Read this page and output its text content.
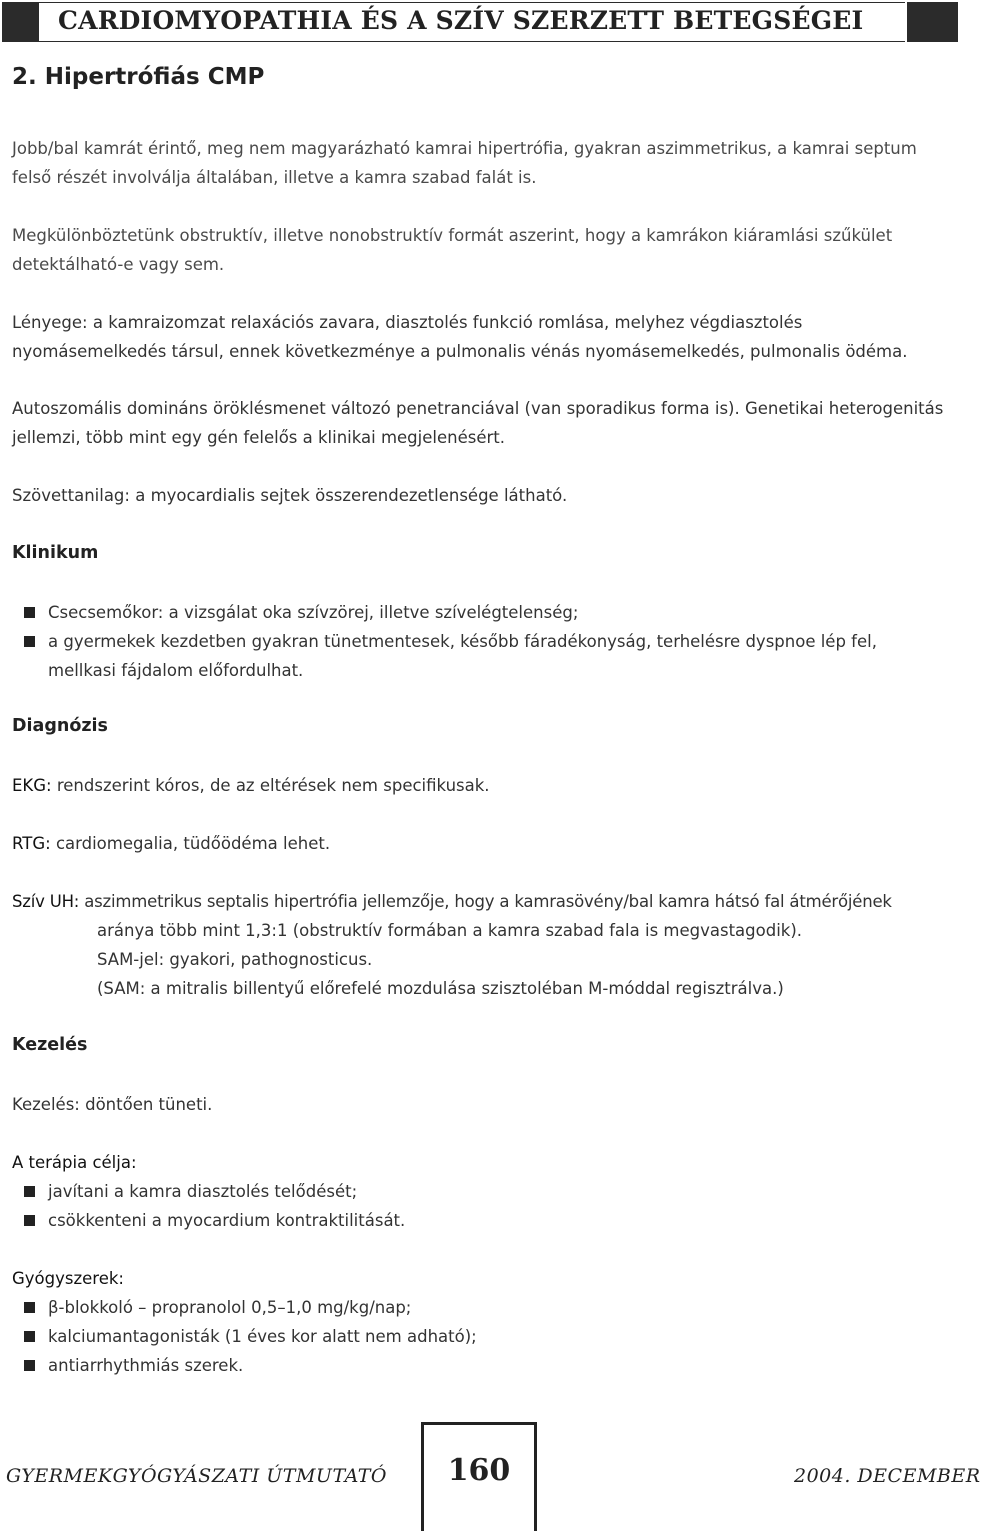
CARDIOMYOPATHIA ÉS A SZÍV SZERZETT BETEGSÉGEI
2. Hipertrófiás CMP
Jobb/bal kamrát érintő, meg nem magyarázható kamrai hipertrófia, gyakran aszimmetrikus, a kamrai septum felső részét involválja általában, illetve a kamra szabad falát is.
Megkülönböztetünk obstruktív, illetve nonobstruktív formát aszerint, hogy a kamrákon kiáramlási szűkület detektálható-e vagy sem.
Lényege: a kamraizomzat relaxációs zavara, diasztolés funkció romlása, melyhez végdiasztolés nyomásemelkedés társul, ennek következménye a pulmonalis vénás nyomásemelkedés, pulmonalis ödéma.
Autoszomális domináns öröklésmenet változó penetranciával (van sporadikus forma is). Genetikai heterogenitás jellemzi, több mint egy gén felelős a klinikai megjelenésért.
Szövettanilag: a myocardialis sejtek összerendezetlensége látható.
Klinikum
Csecsemőkor: a vizsgálat oka szívzörej, illetve szívelégtelenség;
a gyermekek kezdetben gyakran tünetmentesek, később fáradékonyság, terhelésre dyspnoe lép fel, mellkasi fájdalom előfordulhat.
Diagnózis
EKG: rendszerint kóros, de az eltérések nem specifikusak.
RTG: cardiomegalia, tüdőödéma lehet.
Szív UH: aszimmetrikus septalis hipertrófia jellemzője, hogy a kamrasövény/bal kamra hátsó fal átmérőjének
aránya több mint 1,3:1 (obstruktív formában a kamra szabad fala is megvastagodik).
SAM-jel: gyakori, pathognosticus.
(SAM: a mitralis billentyű előrefelé mozdulása szisztoléban M-móddal regisztrálva.)
Kezelés
Kezelés: döntően tüneti.
A terápia célja:
javítani a kamra diasztolés telődését;
csökkenteni a myocardium kontraktilitását.
Gyógyszerek:
β-blokkoló – propranolol 0,5–1,0 mg/kg/nap;
kalciumantagonisták (1 éves kor alatt nem adható);
antiarrhythmiás szerek.
GYERMEKGYÓGYÁSZATI ÚTMUTATÓ	160	2004. DECEMBER
